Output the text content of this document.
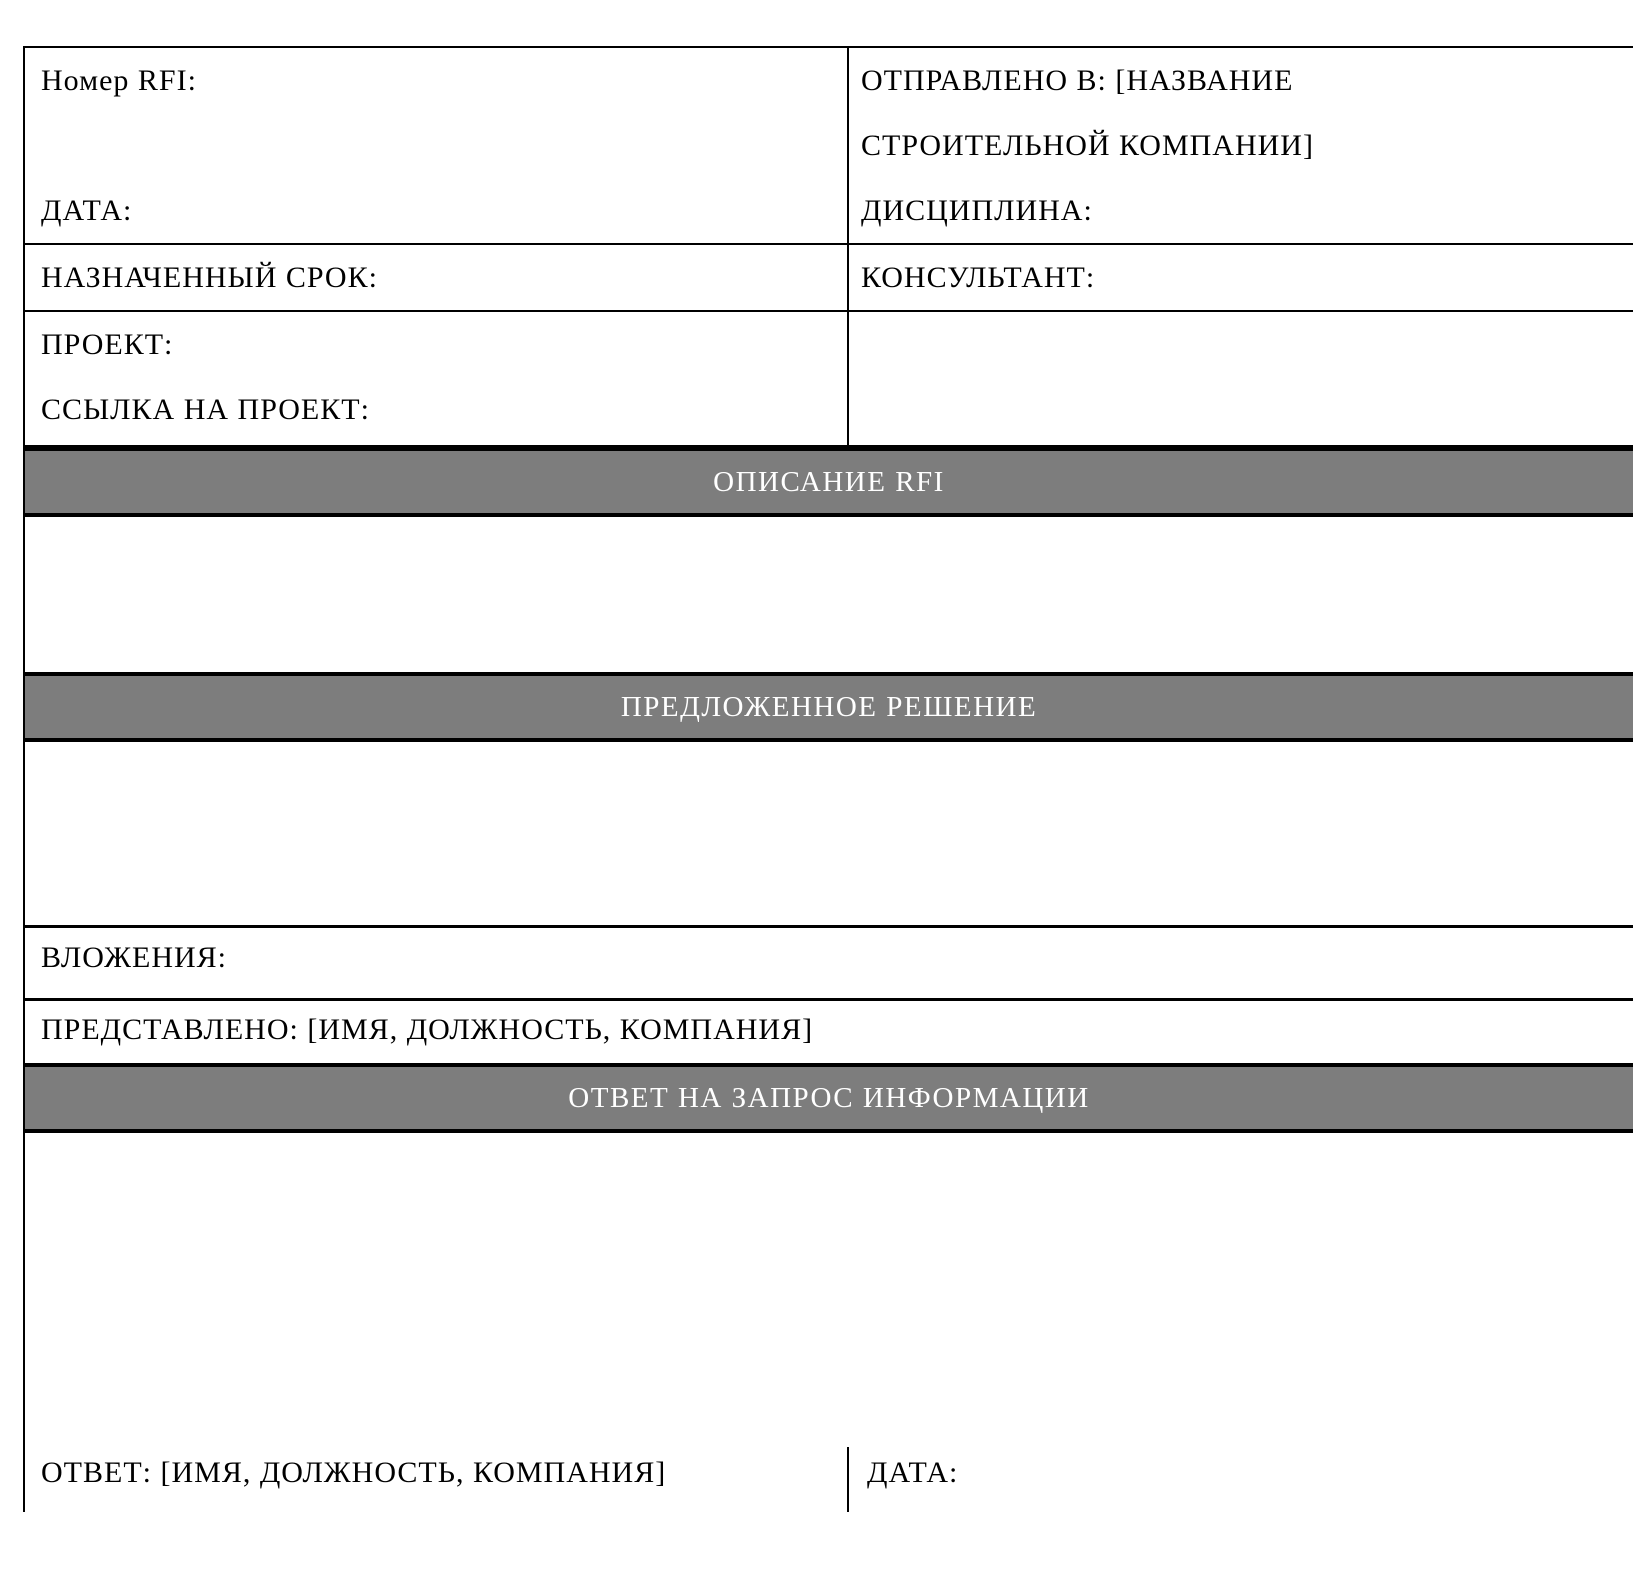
Номер RFI:

ДАТА:

ОТПРАВЛЕНО В: [НАЗВАНИЕ СТРОИТЕЛЬНОЙ КОМПАНИИ]

ДИСЦИПЛИНА:

НАЗНАЧЕННЫЙ СРОК:	КОНСУЛЬТАНТ:

ПРОЕКТ:

ССЫЛКА НА ПРОЕКТ:

ОПИСАНИЕ RFI
ПРЕДЛОЖЕННОЕ РЕШЕНИЕ

ВЛОЖЕНИЯ:

ПРЕДСТАВЛЕНО: [ИМЯ, ДОЛЖНОСТЬ, КОМПАНИЯ]

ОТВЕТ НА ЗАПРОС ИНФОРМАЦИИ

ОТВЕТ: [ИМЯ, ДОЛЖНОСТЬ, КОМПАНИЯ]	ДАТА:
